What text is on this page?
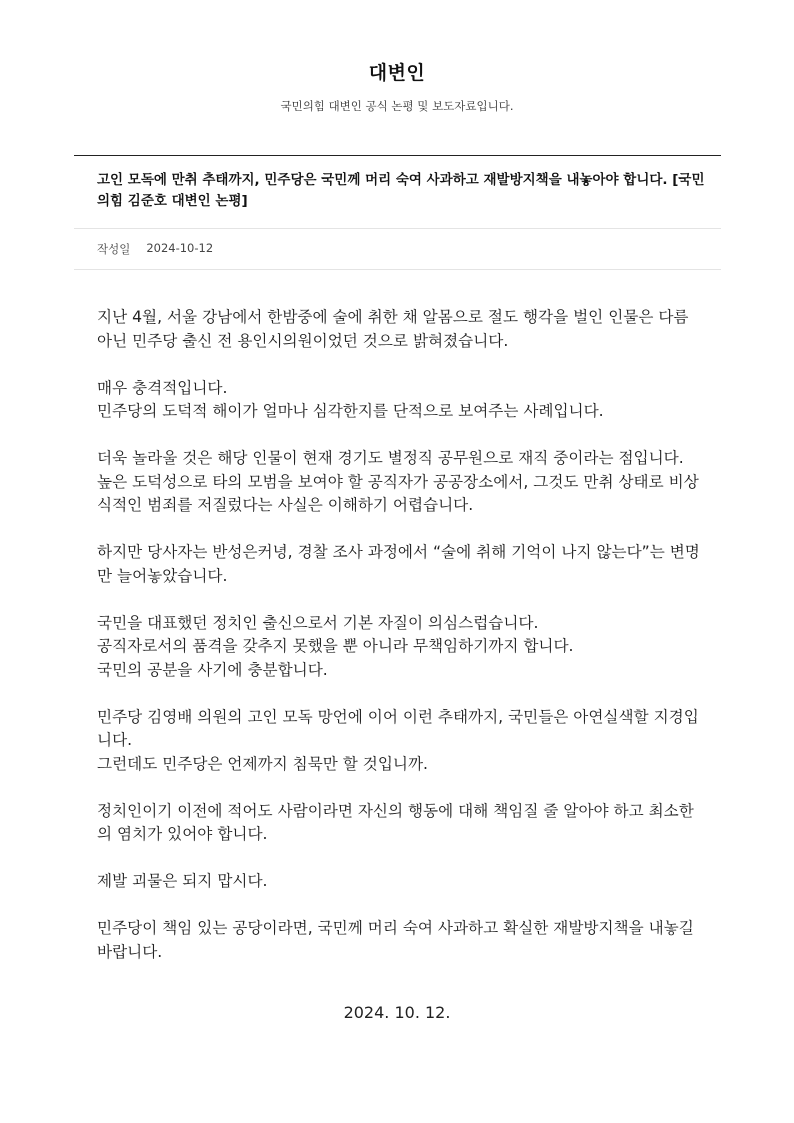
대변인
국민의힘 대변인 공식 논평 및 보도자료입니다.
고인 모독에 만취 추태까지, 민주당은 국민께 머리 숙여 사과하고 재발방지책을 내놓아야 합니다. [국민의힘 김준호 대변인 논평]
작성일 2024-10-12

지난 4월, 서울 강남에서 한밤중에 술에 취한 채 알몸으로 절도 행각을 벌인 인물은 다름 아닌 민주당 출신 전 용인시의원이었던 것으로 밝혀졌습니다.

매우 충격적입니다.
민주당의 도덕적 해이가 얼마나 심각한지를 단적으로 보여주는 사례입니다.

더욱 놀라울 것은 해당 인물이 현재 경기도 별정직 공무원으로 재직 중이라는 점입니다.
높은 도덕성으로 타의 모범을 보여야 할 공직자가 공공장소에서, 그것도 만취 상태로 비상식적인 범죄를 저질렀다는 사실은 이해하기 어렵습니다.

하지만 당사자는 반성은커녕, 경찰 조사 과정에서 “술에 취해 기억이 나지 않는다”는 변명만 늘어놓았습니다.

국민을 대표했던 정치인 출신으로서 기본 자질이 의심스럽습니다.
공직자로서의 품격을 갖추지 못했을 뿐 아니라 무책임하기까지 합니다.
국민의 공분을 사기에 충분합니다.

민주당 김영배 의원의 고인 모독 망언에 이어 이런 추태까지, 국민들은 아연실색할 지경입니다.
그런데도 민주당은 언제까지 침묵만 할 것입니까.

정치인이기 이전에 적어도 사람이라면 자신의 행동에 대해 책임질 줄 알아야 하고 최소한의 염치가 있어야 합니다.

제발 괴물은 되지 맙시다.

민주당이 책임 있는 공당이라면, 국민께 머리 숙여 사과하고 확실한 재발방지책을 내놓길 바랍니다.

2024. 10. 12.
